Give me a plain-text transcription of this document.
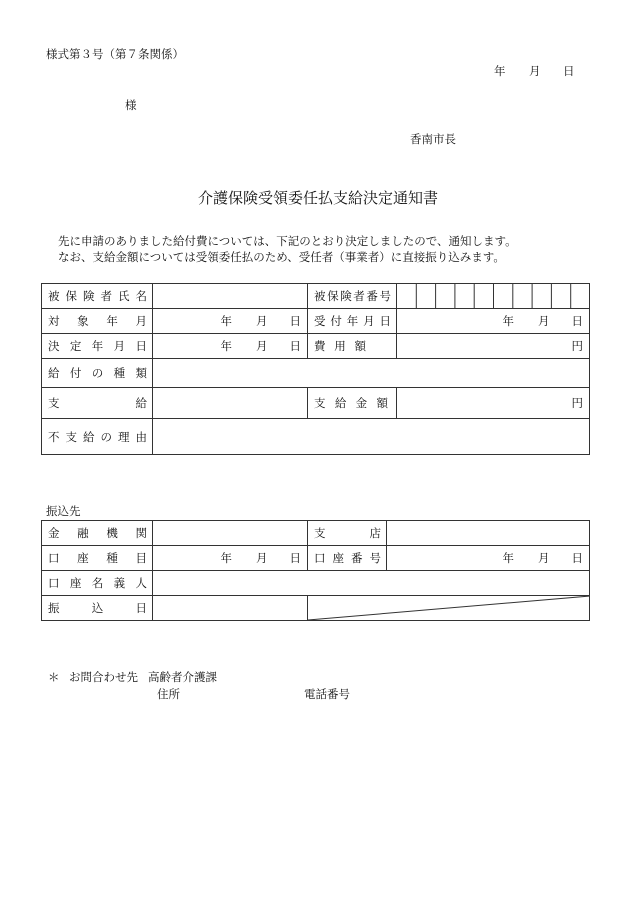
様式第３号（第７条関係）
年 月 日
様
香南市長
介護保険受領委任払支給決定通知書
先に申請のありました給付費については、下記のとおり決定しましたので、通知します。
なお、支給金額については受領委任払のため、受任者（事業者）に直接振り込みます。
被保険者氏名		被保険者番号	

対象年月	年 月 日	受付年月日	年 月 日

決定年月日	年 月 日	費用額	円
給付の種類			
支給		支給金額	円
不支給の理由			
振込先
金融機関		支店	
口座種目	年 月 日	口座番号	年 月 日

口座名義人			
振込日		
＊ お問合わせ先 高齢者介護課
住所	電話番号
